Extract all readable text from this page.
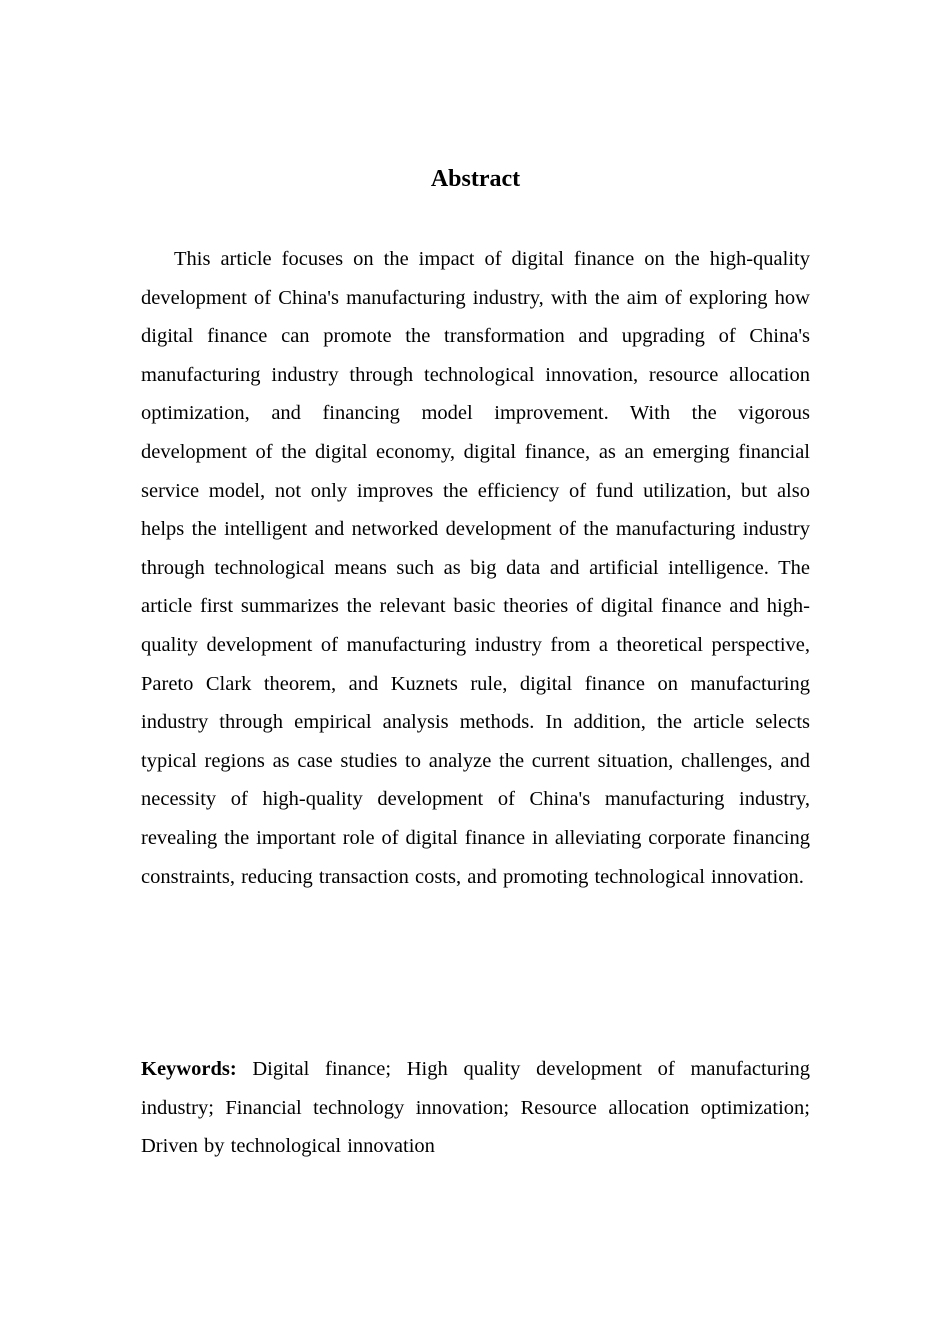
Abstract

This article focuses on the impact of digital finance on the high-quality development of China's manufacturing industry, with the aim of exploring how digital finance can promote the transformation and upgrading of China's manufacturing industry through technological innovation, resource allocation optimization, and financing model improvement. With the vigorous development of the digital economy, digital finance, as an emerging financial service model, not only improves the efficiency of fund utilization, but also helps the intelligent and networked development of the manufacturing industry through technological means such as big data and artificial intelligence. The article first summarizes the relevant basic theories of digital finance and high-quality development of manufacturing industry from a theoretical perspective, Pareto Clark theorem, and Kuznets rule, digital finance on manufacturing industry through empirical analysis methods. In addition, the article selects typical regions as case studies to analyze the current situation, challenges, and necessity of high-quality development of China's manufacturing industry, revealing the important role of digital finance in alleviating corporate financing constraints, reducing transaction costs, and promoting technological innovation.

Keywords: Digital finance; High quality development of manufacturing industry; Financial technology innovation; Resource allocation optimization; Driven by technological innovation
